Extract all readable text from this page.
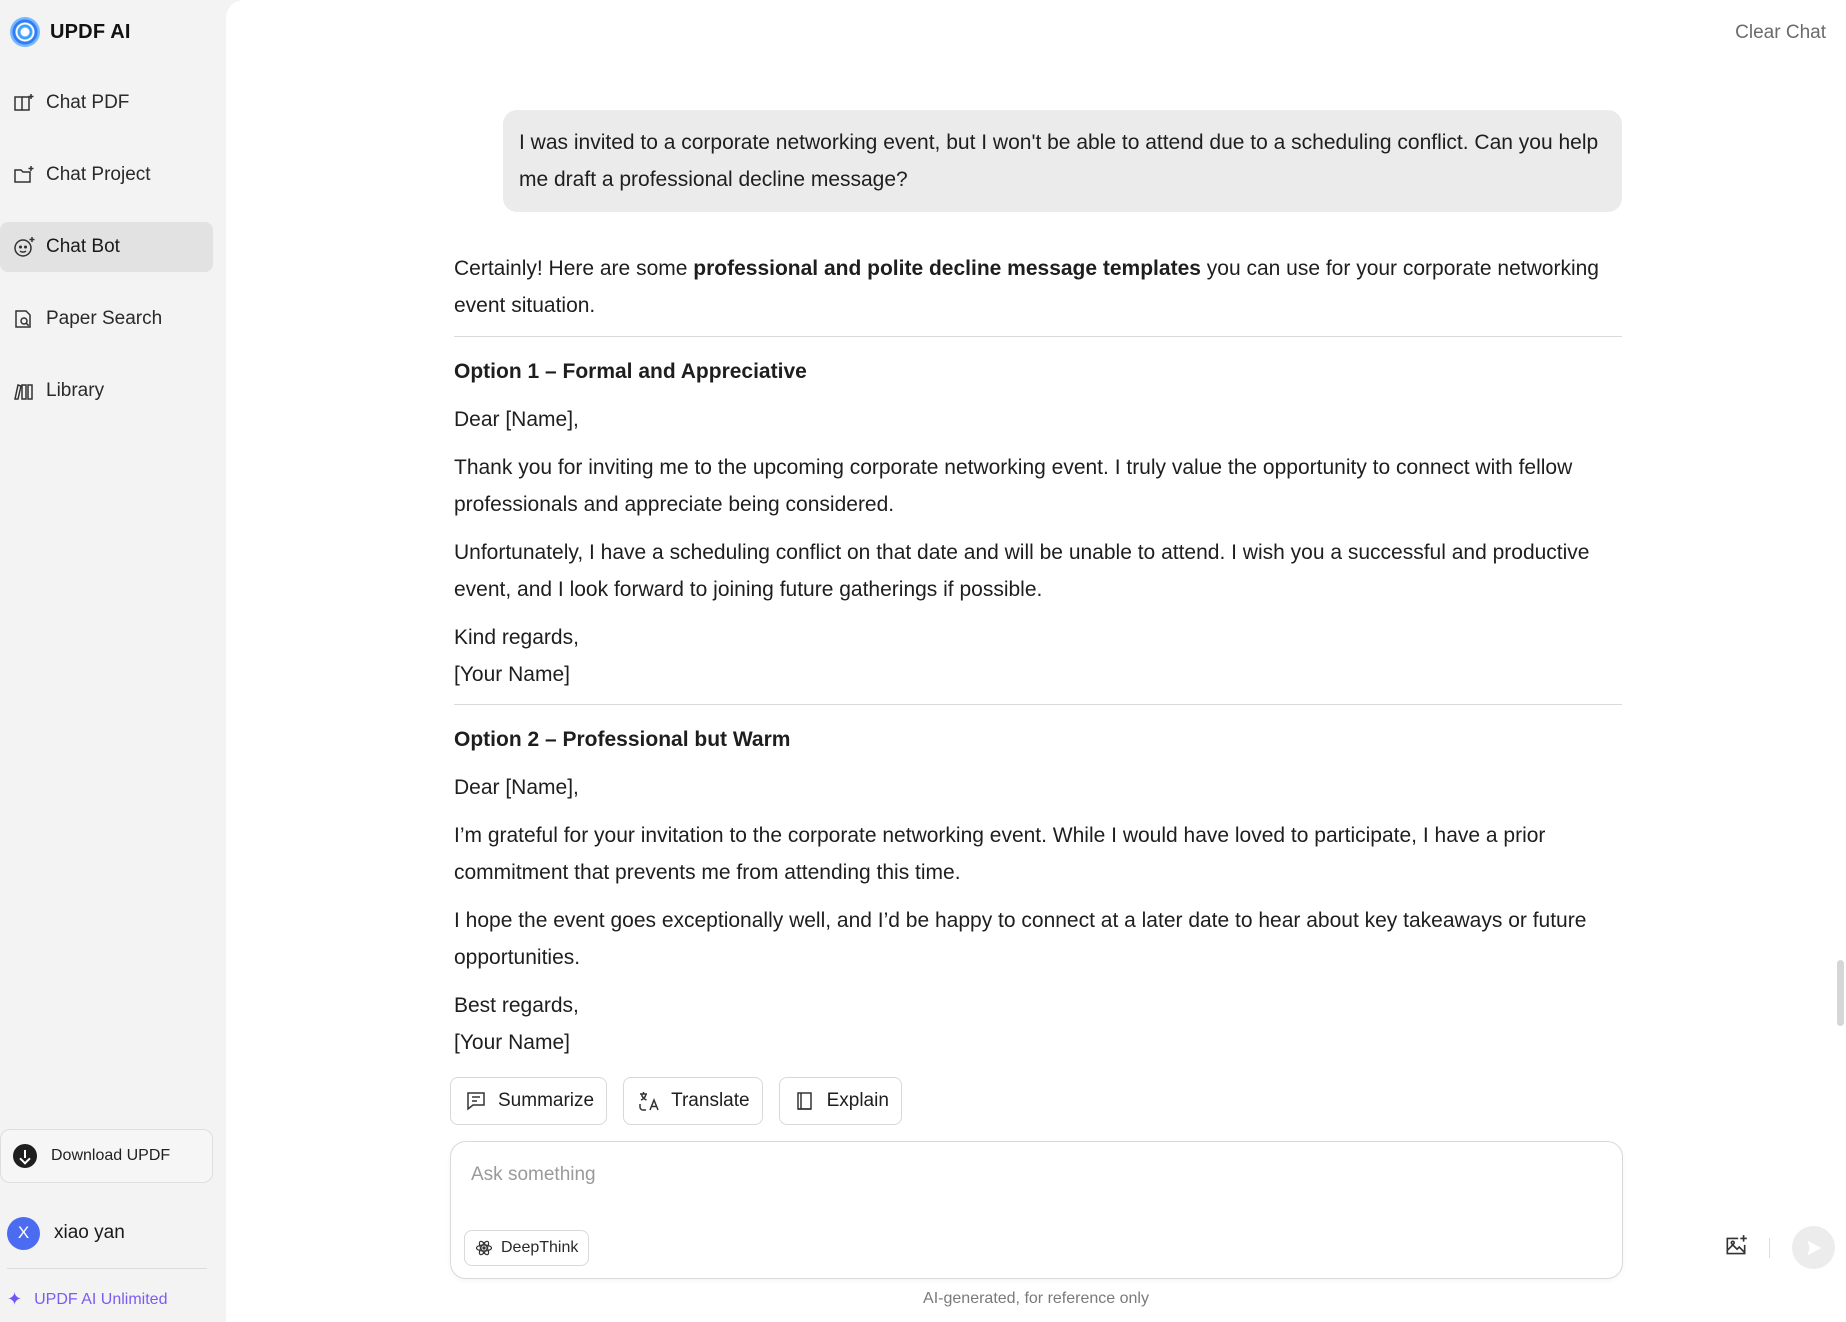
UPDF AI
Chat PDF
Chat Project
Chat Bot
Paper Search
Library
Download UPDF
X	xiao yan
✦ UPDF AI Unlimited
Clear Chat
I was invited to a corporate networking event, but I won't be able to attend due to a scheduling conflict. Can you help me draft a professional decline message?

Certainly! Here are some professional and polite decline message templates you can use for your corporate networking event situation.

Option 1 – Formal and Appreciative

Dear [Name],

Thank you for inviting me to the upcoming corporate networking event. I truly value the opportunity to connect with fellow professionals and appreciate being considered.

Unfortunately, I have a scheduling conflict on that date and will be unable to attend. I wish you a successful and productive event, and I look forward to joining future gatherings if possible.

Kind regards,

[Your Name]

Option 2 – Professional but Warm

Dear [Name],

I’m grateful for your invitation to the corporate networking event. While I would have loved to participate, I have a prior commitment that prevents me from attending this time.

I hope the event goes exceptionally well, and I’d be happy to connect at a later date to hear about key takeaways or future opportunities.

Best regards,

[Your Name]

Summarize	Translate	Explain
Ask something
DeepThink
AI-generated, for reference only
